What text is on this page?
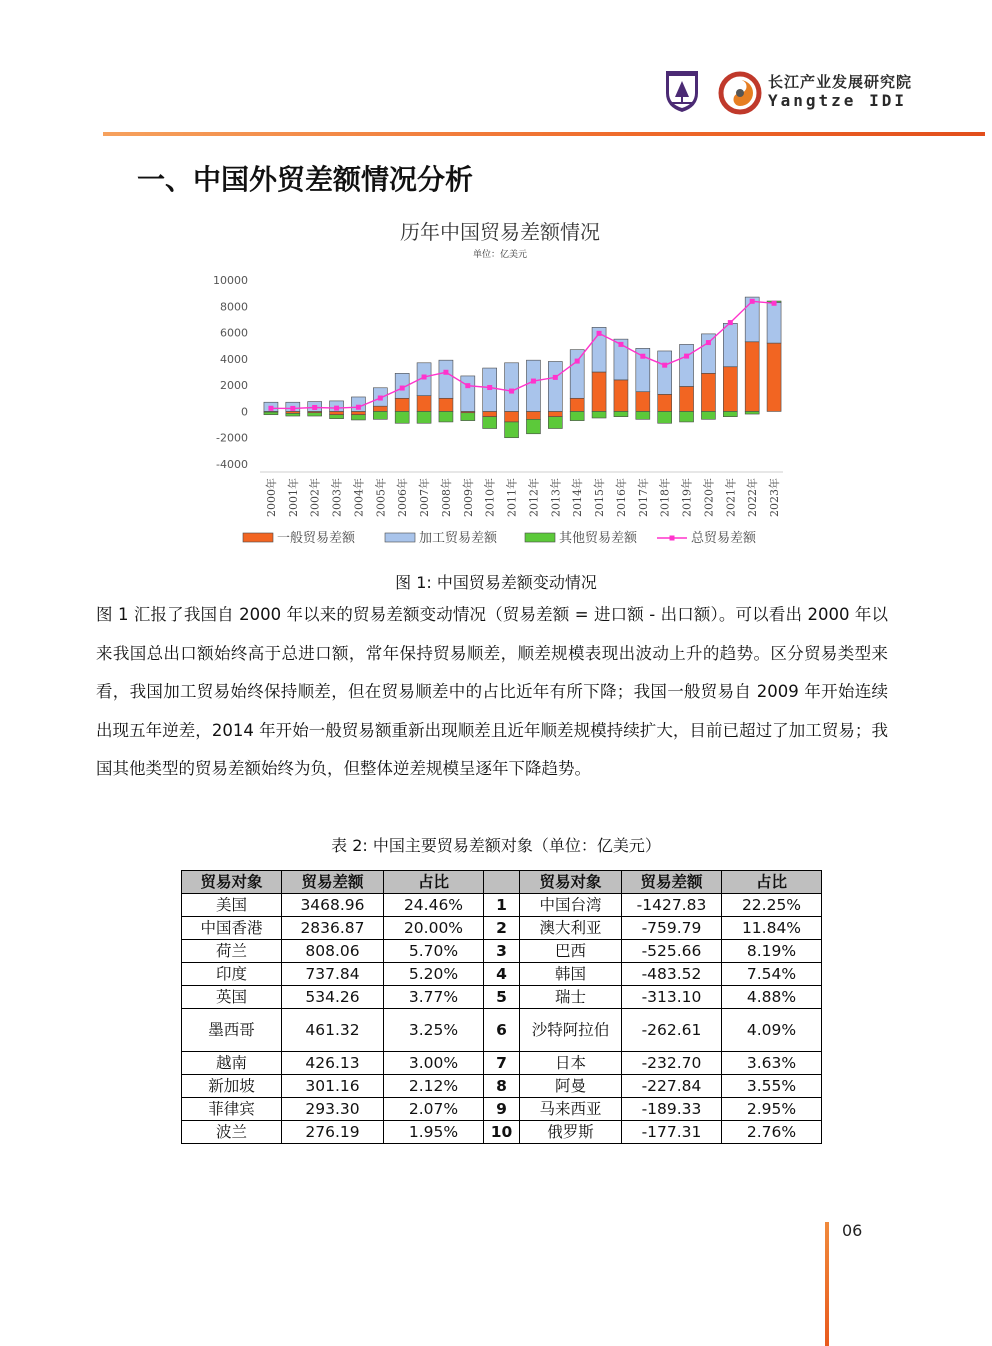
长江产业发展研究院
Yangtze IDI
一、中国外贸差额情况分析
历年中国贸易差额情况
单位：亿美元
10000
8000
6000
4000
2000
0
-2000
-4000
2000年 2001年 2002年 2003年 2004年 2005年 2006年 2007年 2008年 2009年 2010年 2011年 2012年 2013年 2014年 2015年 2016年 2017年 2018年 2019年 2020年 2021年 2022年 2023年
一般贸易差额	加工贸易差额	其他贸易差额	总贸易差额
图 1: 中国贸易差额变动情况

图 1 汇报了我国自 2000 年以来的贸易差额变动情况（贸易差额 = 进口额 - 出口额）。可以看出 2000 年以来我国总出口额始终高于总进口额，常年保持贸易顺差，顺差规模表现出波动上升的趋势。区分贸易类型来看，我国加工贸易始终保持顺差，但在贸易顺差中的占比近年有所下降；我国一般贸易自 2009 年开始连续出现五年逆差，2014 年开始一般贸易额重新出现顺差且近年顺差规模持续扩大，目前已超过了加工贸易；我国其他类型的贸易差额始终为负，但整体逆差规模呈逐年下降趋势。

表 2: 中国主要贸易差额对象（单位：亿美元）
贸易对象	贸易差额	占比		贸易对象	贸易差额	占比
美国	3468.96	24.46%	1	中国台湾	-1427.83	22.25%
中国香港	2836.87	20.00%	2	澳大利亚	-759.79	11.84%
荷兰	808.06	5.70%	3	巴西	-525.66	8.19%
印度	737.84	5.20%	4	韩国	-483.52	7.54%
英国	534.26	3.77%	5	瑞士	-313.10	4.88%
墨西哥	461.32	3.25%	6	沙特阿拉伯	-262.61	4.09%
越南	426.13	3.00%	7	日本	-232.70	3.63%
新加坡	301.16	2.12%	8	阿曼	-227.84	3.55%
菲律宾	293.30	2.07%	9	马来西亚	-189.33	2.95%
波兰	276.19	1.95%	10	俄罗斯	-177.31	2.76%
06
